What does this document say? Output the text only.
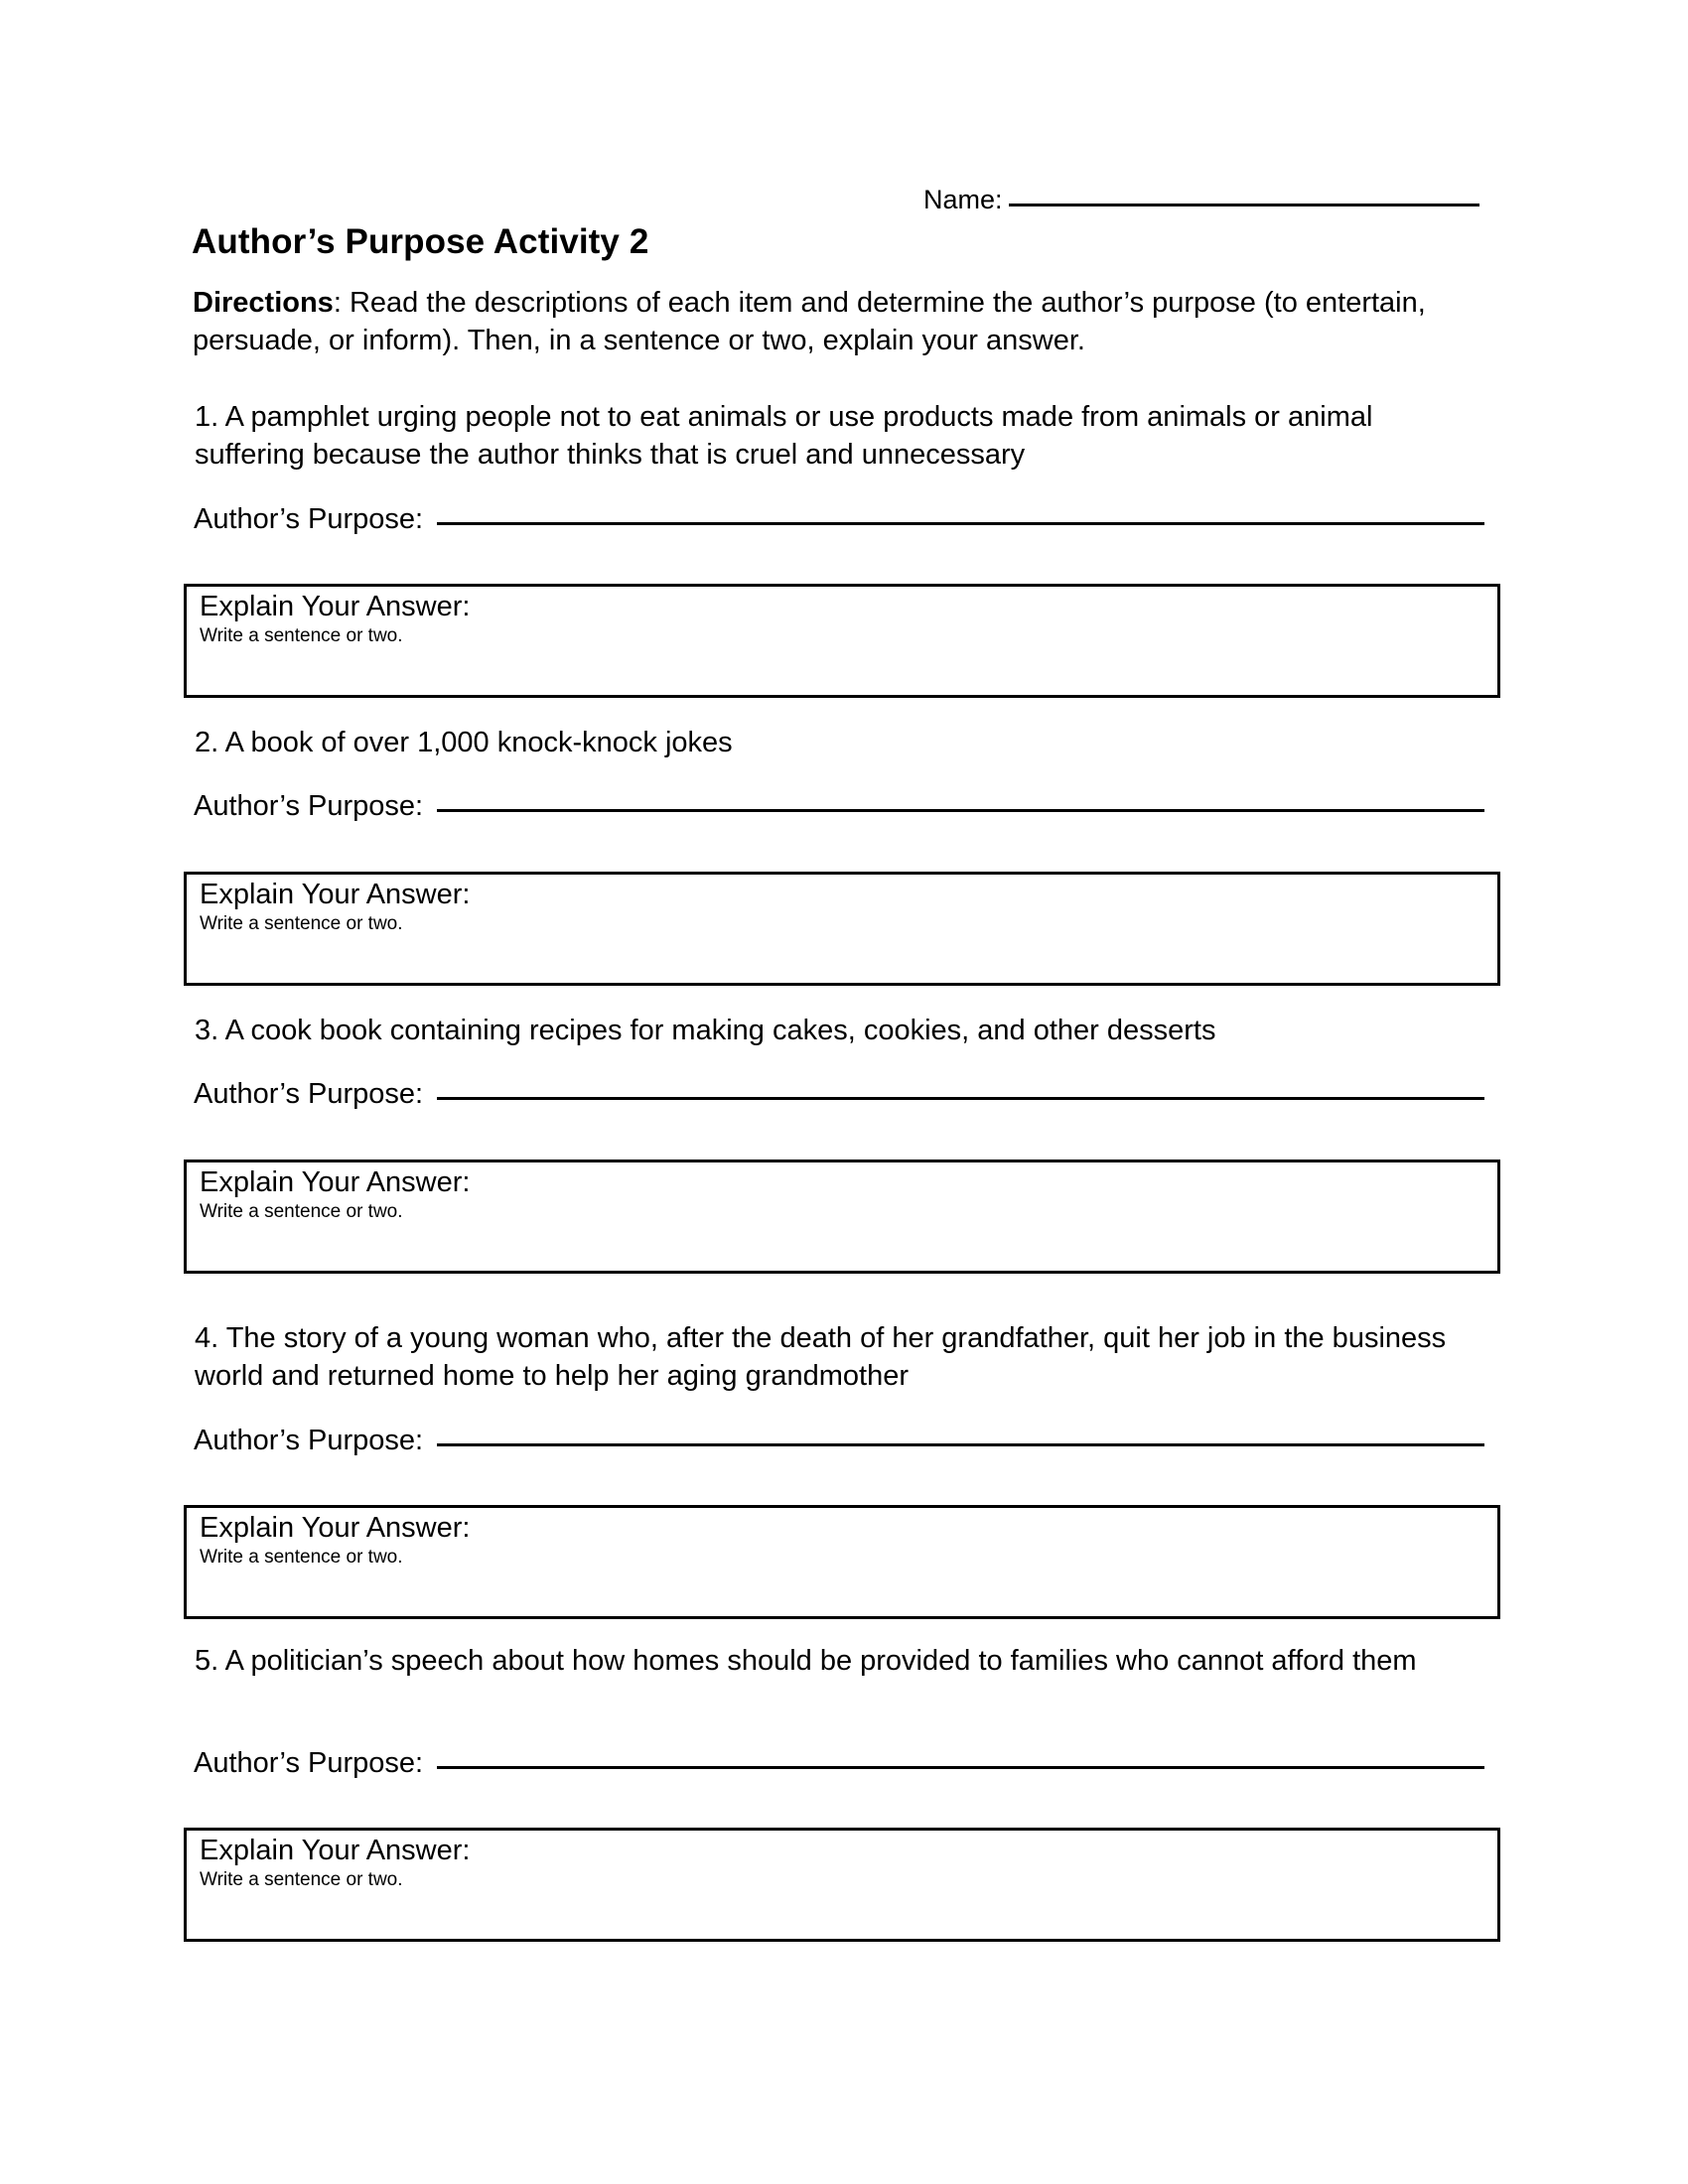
Name:
Author’s Purpose Activity 2
Directions: Read the descriptions of each item and determine the author’s purpose (to entertain, persuade, or inform). Then, in a sentence or two, explain your answer.
1. A pamphlet urging people not to eat animals or use products made from animals or animal suffering because the author thinks that is cruel and unnecessary
Author’s Purpose:
Explain Your Answer:
Write a sentence or two.
2. A book of over 1,000 knock-knock jokes
Author’s Purpose:
Explain Your Answer:
Write a sentence or two.
3. A cook book containing recipes for making cakes, cookies, and other desserts
Author’s Purpose:
Explain Your Answer:
Write a sentence or two.
4. The story of a young woman who, after the death of her grandfather, quit her job in the business world and returned home to help her aging grandmother
Author’s Purpose:
Explain Your Answer:
Write a sentence or two.
5. A politician’s speech about how homes should be provided to families who cannot afford them
Author’s Purpose:
Explain Your Answer:
Write a sentence or two.
